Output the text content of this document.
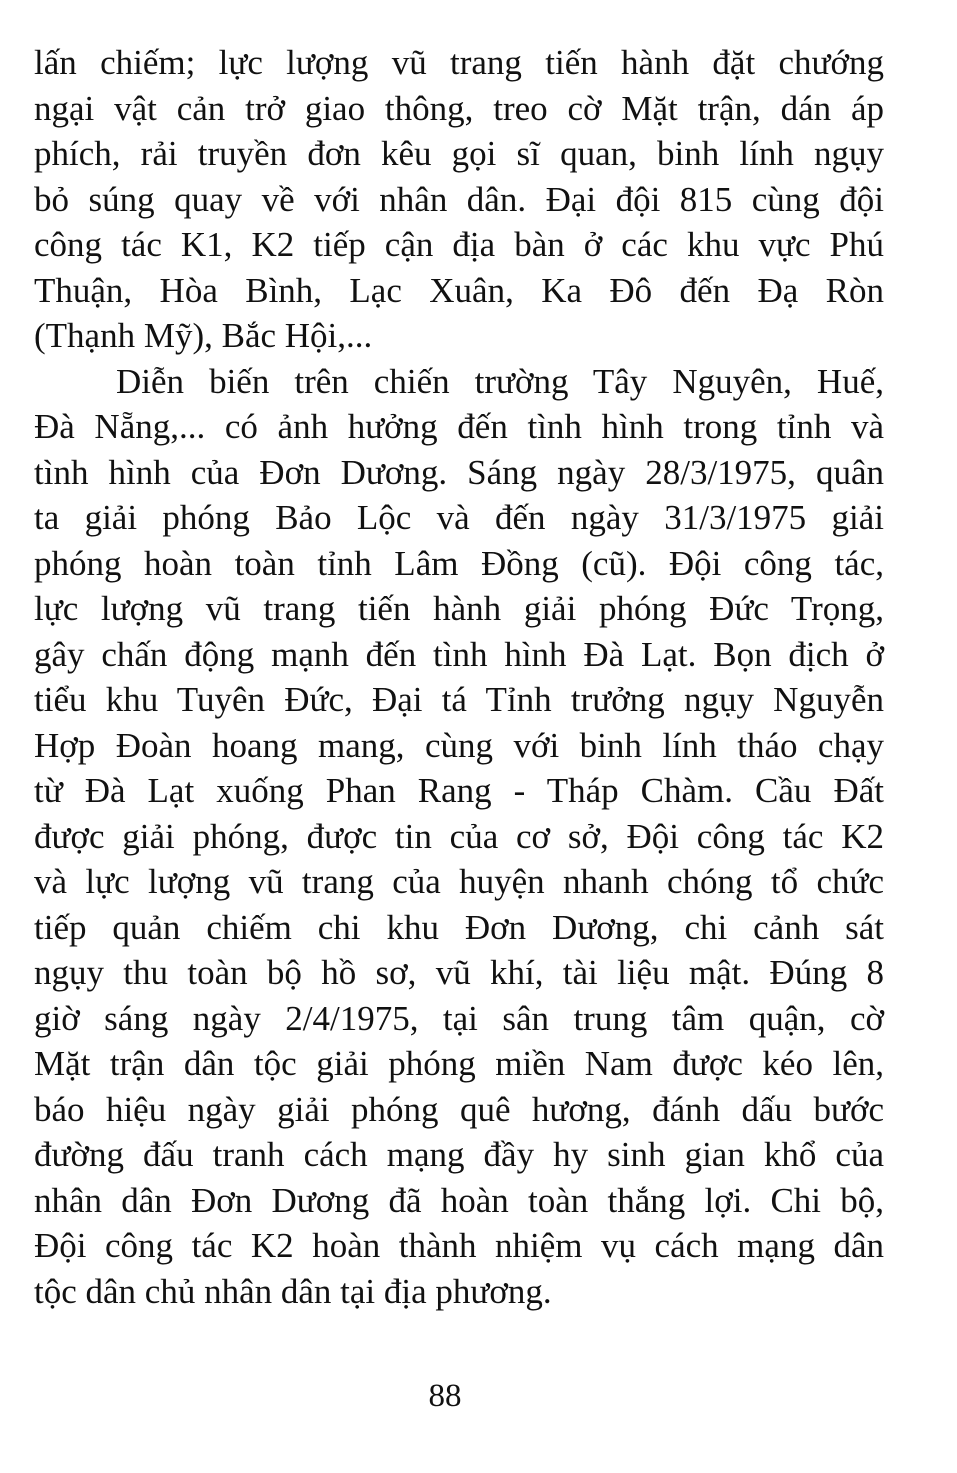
lấn chiếm; lực lượng vũ trang tiến hành đặt chướng
ngại vật cản trở giao thông, treo cờ Mặt trận, dán áp
phích, rải truyền đơn kêu gọi sĩ quan, binh lính ngụy
bỏ súng quay về với nhân dân. Đại đội 815 cùng đội
công tác K1, K2 tiếp cận địa bàn ở các khu vực Phú
Thuận, Hòa Bình, Lạc Xuân, Ka Đô đến Đạ Ròn
(Thạnh Mỹ), Bắc Hội,...
Diễn biến trên chiến trường Tây Nguyên, Huế,
Đà Nẵng,... có ảnh hưởng đến tình hình trong tỉnh và
tình hình của Đơn Dương. Sáng ngày 28/3/1975, quân
ta giải phóng Bảo Lộc và đến ngày 31/3/1975 giải
phóng hoàn toàn tỉnh Lâm Đồng (cũ). Đội công tác,
lực lượng vũ trang tiến hành giải phóng Đức Trọng,
gây chấn động mạnh đến tình hình Đà Lạt. Bọn địch ở
tiểu khu Tuyên Đức, Đại tá Tỉnh trưởng ngụy Nguyễn
Hợp Đoàn hoang mang, cùng với binh lính tháo chạy
từ Đà Lạt xuống Phan Rang - Tháp Chàm. Cầu Đất
được giải phóng, được tin của cơ sở, Đội công tác K2
và lực lượng vũ trang của huyện nhanh chóng tổ chức
tiếp quản chiếm chi khu Đơn Dương, chi cảnh sát
ngụy thu toàn bộ hồ sơ, vũ khí, tài liệu mật. Đúng 8
giờ sáng ngày 2/4/1975, tại sân trung tâm quận, cờ
Mặt trận dân tộc giải phóng miền Nam được kéo lên,
báo hiệu ngày giải phóng quê hương, đánh dấu bước
đường đấu tranh cách mạng đầy hy sinh gian khổ của
nhân dân Đơn Dương đã hoàn toàn thắng lợi. Chi bộ,
Đội công tác K2 hoàn thành nhiệm vụ cách mạng dân
tộc dân chủ nhân dân tại địa phương.
88
